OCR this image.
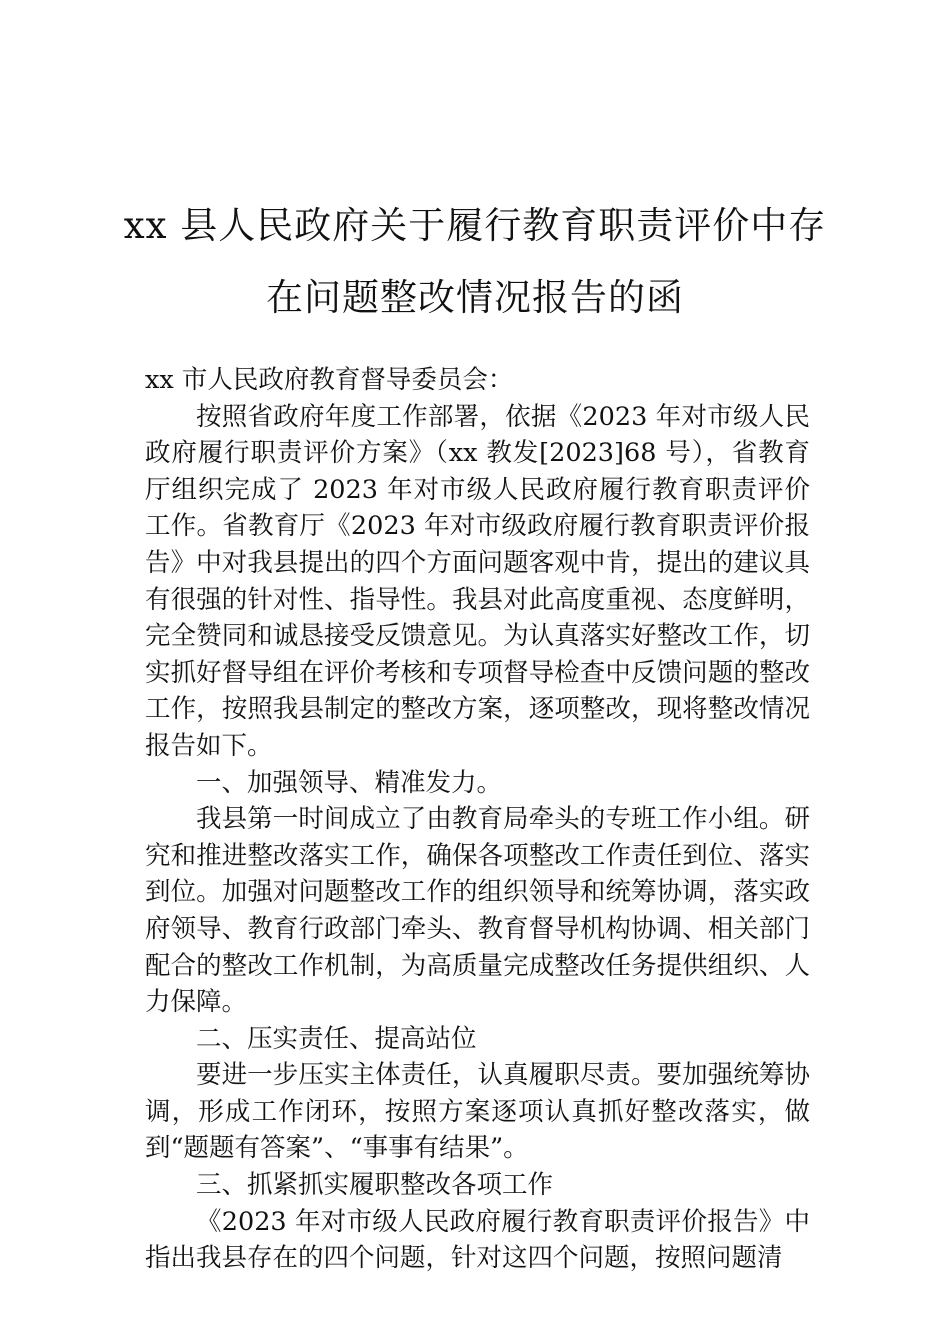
xx 县人民政府关于履行教育职责评价中存在问题整改情况报告的函

xx 市人民政府教育督导委员会：

按照省政府年度工作部署，依据《2023 年对市级人民政府履行职责评价方案》（xx 教发[2023]68 号），省教育厅组织完成了 2023 年对市级人民政府履行教育职责评价工作。省教育厅《2023 年对市级政府履行教育职责评价报告》中对我县提出的四个方面问题客观中肯，提出的建议具有很强的针对性、指导性。我县对此高度重视、态度鲜明，完全赞同和诚恳接受反馈意见。为认真落实好整改工作，切实抓好督导组在评价考核和专项督导检查中反馈问题的整改工作，按照我县制定的整改方案，逐项整改，现将整改情况报告如下。

一、加强领导、精准发力。

我县第一时间成立了由教育局牵头的专班工作小组。研究和推进整改落实工作，确保各项整改工作责任到位、落实到位。加强对问题整改工作的组织领导和统筹协调，落实政府领导、教育行政部门牵头、教育督导机构协调、相关部门配合的整改工作机制，为高质量完成整改任务提供组织、人力保障。

二、压实责任、提高站位

要进一步压实主体责任，认真履职尽责。要加强统筹协调，形成工作闭环，按照方案逐项认真抓好整改落实，做到“题题有答案”、“事事有结果”。

三、抓紧抓实履职整改各项工作

《2023 年对市级人民政府履行教育职责评价报告》中指出我县存在的四个问题，针对这四个问题，按照问题清
